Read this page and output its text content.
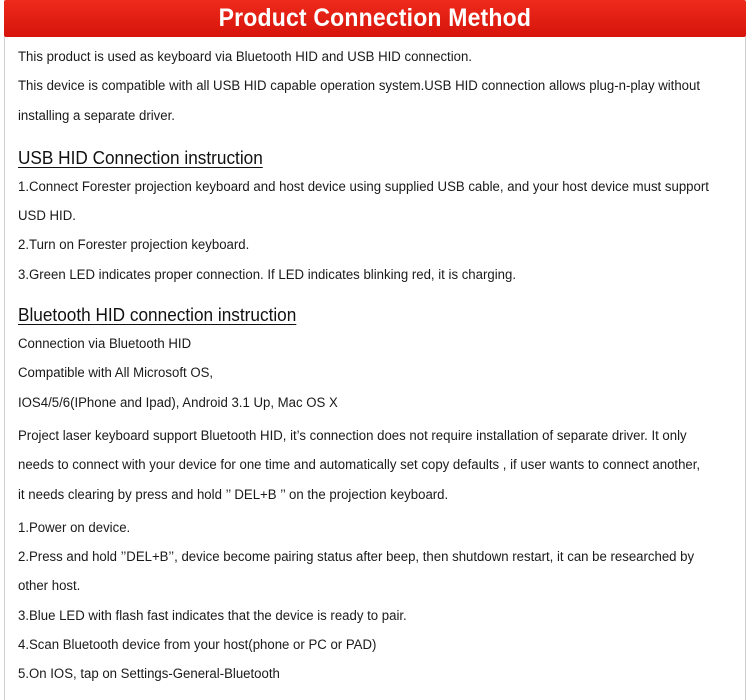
Product Connection Method

This product is used as keyboard via Bluetooth HID and USB HID connection.

This device is compatible with all USB HID capable operation system.USB HID connection allows plug-n-play without

installing a separate driver.

USB HID Connection instruction

1.Connect Forester projection keyboard and host device using supplied USB cable, and your host device must support

USD HID.

2.Turn on Forester projection keyboard.

3.Green LED indicates proper connection. If LED indicates blinking red, it is charging.

Bluetooth HID connection instruction

Connection via Bluetooth HID

Compatible with All Microsoft OS,

IOS4/5/6(IPhone and Ipad), Android 3.1 Up, Mac OS X

Project laser keyboard support Bluetooth HID, it’s connection does not require installation of separate driver. It only

needs to connect with your device for one time and automatically set copy defaults , if user wants to connect another,

it needs clearing by press and hold ’’ DEL+B ’’ on the projection keyboard.

1.Power on device.

2.Press and hold ’’DEL+B’’, device become pairing status after beep, then shutdown restart, it can be researched by

other host.

3.Blue LED with flash fast indicates that the device is ready to pair.

4.Scan Bluetooth device from your host(phone or PC or PAD)

5.On IOS, tap on Settings-General-Bluetooth
